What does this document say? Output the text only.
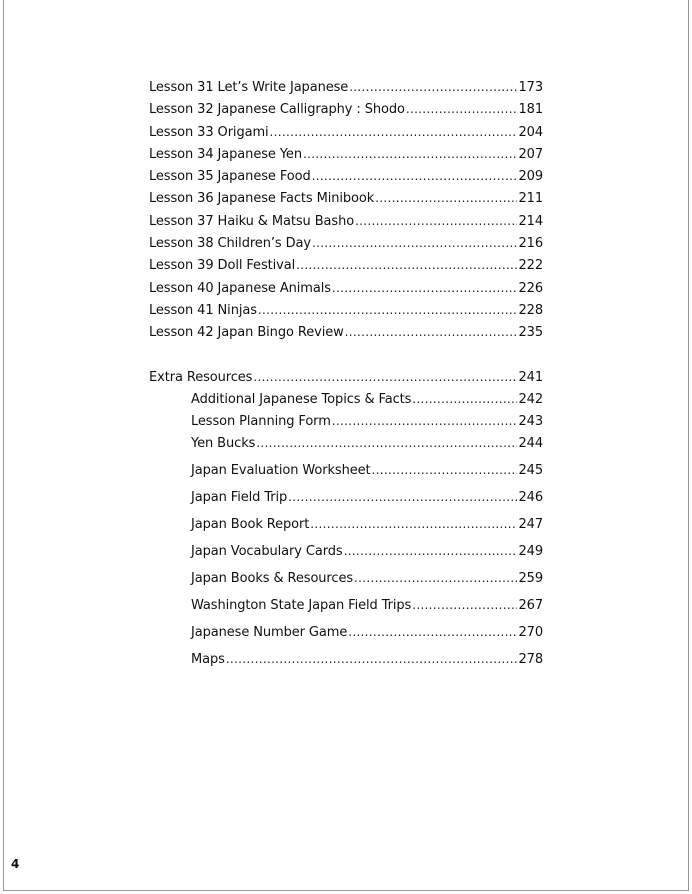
Lesson 31 Let’s Write Japanese .....	173
Lesson 32 Japanese Calligraphy : Shodo .....	181
Lesson 33 Origami .....	204
Lesson 34 Japanese Yen .....	207
Lesson 35 Japanese Food .....	209
Lesson 36 Japanese Facts Minibook .....	211
Lesson 37 Haiku & Matsu Basho .....	214
Lesson 38 Children’s Day .....	216
Lesson 39 Doll Festival .....	222
Lesson 40 Japanese Animals .....	226
Lesson 41 Ninjas .....	228
Lesson 42 Japan Bingo Review .....	235
Extra Resources .....	241
Additional Japanese Topics & Facts .....	242
Lesson Planning Form .....	243
Yen Bucks .....	244
Japan Evaluation Worksheet .....	245
Japan Field Trip .....	246
Japan Book Report .....	247
Japan Vocabulary Cards .....	249
Japan Books & Resources .....	259
Washington State Japan Field Trips .....	267
Japanese Number Game .....	270
Maps .....	278
4
